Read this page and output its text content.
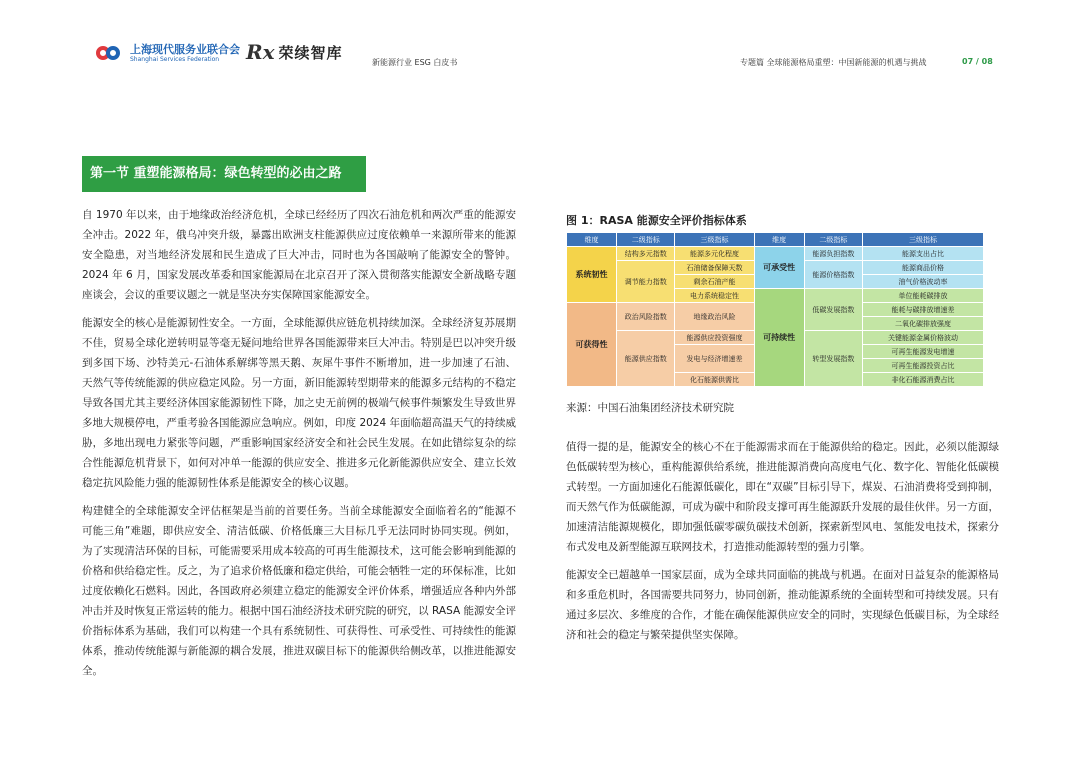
上海现代服务业联合会
Shanghai Services Federation	Rx 荣续智库
新能源行业 ESG 白皮书	专题篇 全球能源格局重塑：中国新能源的机遇与挑战	07 / 08
第一节 重塑能源格局：绿色转型的必由之路

自 1970 年以来，由于地缘政治经济危机，全球已经经历了四次石油危机和两次严重的能源安全冲击。2022 年，俄乌冲突升级，暴露出欧洲支柱能源供应过度依赖单一来源所带来的能源安全隐患，对当地经济发展和民生造成了巨大冲击，同时也为各国敲响了能源安全的警钟。2024 年 6 月，国家发展改革委和国家能源局在北京召开了深入贯彻落实能源安全新战略专题座谈会，会议的重要议题之一就是坚决夯实保障国家能源安全。

能源安全的核心是能源韧性安全。一方面，全球能源供应链危机持续加深。全球经济复苏展期不佳，贸易全球化逆转明显等毫无疑问地给世界各国能源带来巨大冲击。特别是巴以冲突升级到多国下场、沙特美元-石油体系解绑等黑天鹅、灰犀牛事件不断增加，进一步加速了石油、天然气等传统能源的供应稳定风险。另一方面，新旧能源转型期带来的能源多元结构的不稳定导致各国尤其主要经济体国家能源韧性下降，加之史无前例的极端气候事件频繁发生导致世界多地大规模停电，严重考验各国能源应急响应。例如，印度 2024 年面临超高温天气的持续威胁，多地出现电力紧张等问题，严重影响国家经济安全和社会民生发展。在如此错综复杂的综合性能源危机背景下，如何对冲单一能源的供应安全、推进多元化新能源供应安全、建立长效稳定抗风险能力强的能源韧性体系是能源安全的核心议题。

构建健全的全球能源安全评估框架是当前的首要任务。当前全球能源安全面临着名的“能源不可能三角”难题，即供应安全、清洁低碳、价格低廉三大目标几乎无法同时协同实现。例如，为了实现清洁环保的目标，可能需要采用成本较高的可再生能源技术，这可能会影响到能源的价格和供给稳定性。反之，为了追求价格低廉和稳定供给，可能会牺牲一定的环保标准，比如过度依赖化石燃料。因此，各国政府必须建立稳定的能源安全评价体系，增强适应各种内外部冲击并及时恢复正常运转的能力。根据中国石油经济技术研究院的研究，以 RASA 能源安全评价指标体系为基础，我们可以构建一个具有系统韧性、可获得性、可承受性、可持续性的能源体系，推动传统能源与新能源的耦合发展，推进双碳目标下的能源供给侧改革，以推进能源安全。

图 1：RASA 能源安全评价指标体系
维度	二级指标	三级指标	维度	二级指标	三级指标
系统韧性	结构多元指数	能源多元化程度	可承受性	能源负担指数	能源支出占比
	调节能力指数	石油储备保障天数		能源价格指数	能源商品价格
		剩余石油产能			油气价格波动率
		电力系统稳定性	可持续性	低碳发展指数	单位能耗碳排放
可获得性	政治风险指数	地缘政治风险			能耗与碳排放增速差
					二氧化碳排放强度
	能源供应指数	能源供应投资强度		转型发展指数	关键能源金属价格波动
		发电与经济增速差			可再生能源发电增速
					可再生能源投资占比
		化石能源供需比			非化石能源消费占比
来源：中国石油集团经济技术研究院

值得一提的是，能源安全的核心不在于能源需求而在于能源供给的稳定。因此，必须以能源绿色低碳转型为核心，重构能源供给系统，推进能源消费向高度电气化、数字化、智能化低碳模式转型。一方面加速化石能源低碳化，即在“双碳”目标引导下，煤炭、石油消费将受到抑制，而天然气作为低碳能源，可成为碳中和阶段支撑可再生能源跃升发展的最佳伙伴。另一方面，加速清洁能源规模化，即加强低碳零碳负碳技术创新，探索新型风电、氢能发电技术，探索分布式发电及新型能源互联网技术，打造推动能源转型的强力引擎。

能源安全已超越单一国家层面，成为全球共同面临的挑战与机遇。在面对日益复杂的能源格局和多重危机时，各国需要共同努力，协同创新，推动能源系统的全面转型和可持续发展。只有通过多层次、多维度的合作，才能在确保能源供应安全的同时，实现绿色低碳目标，为全球经济和社会的稳定与繁荣提供坚实保障。
